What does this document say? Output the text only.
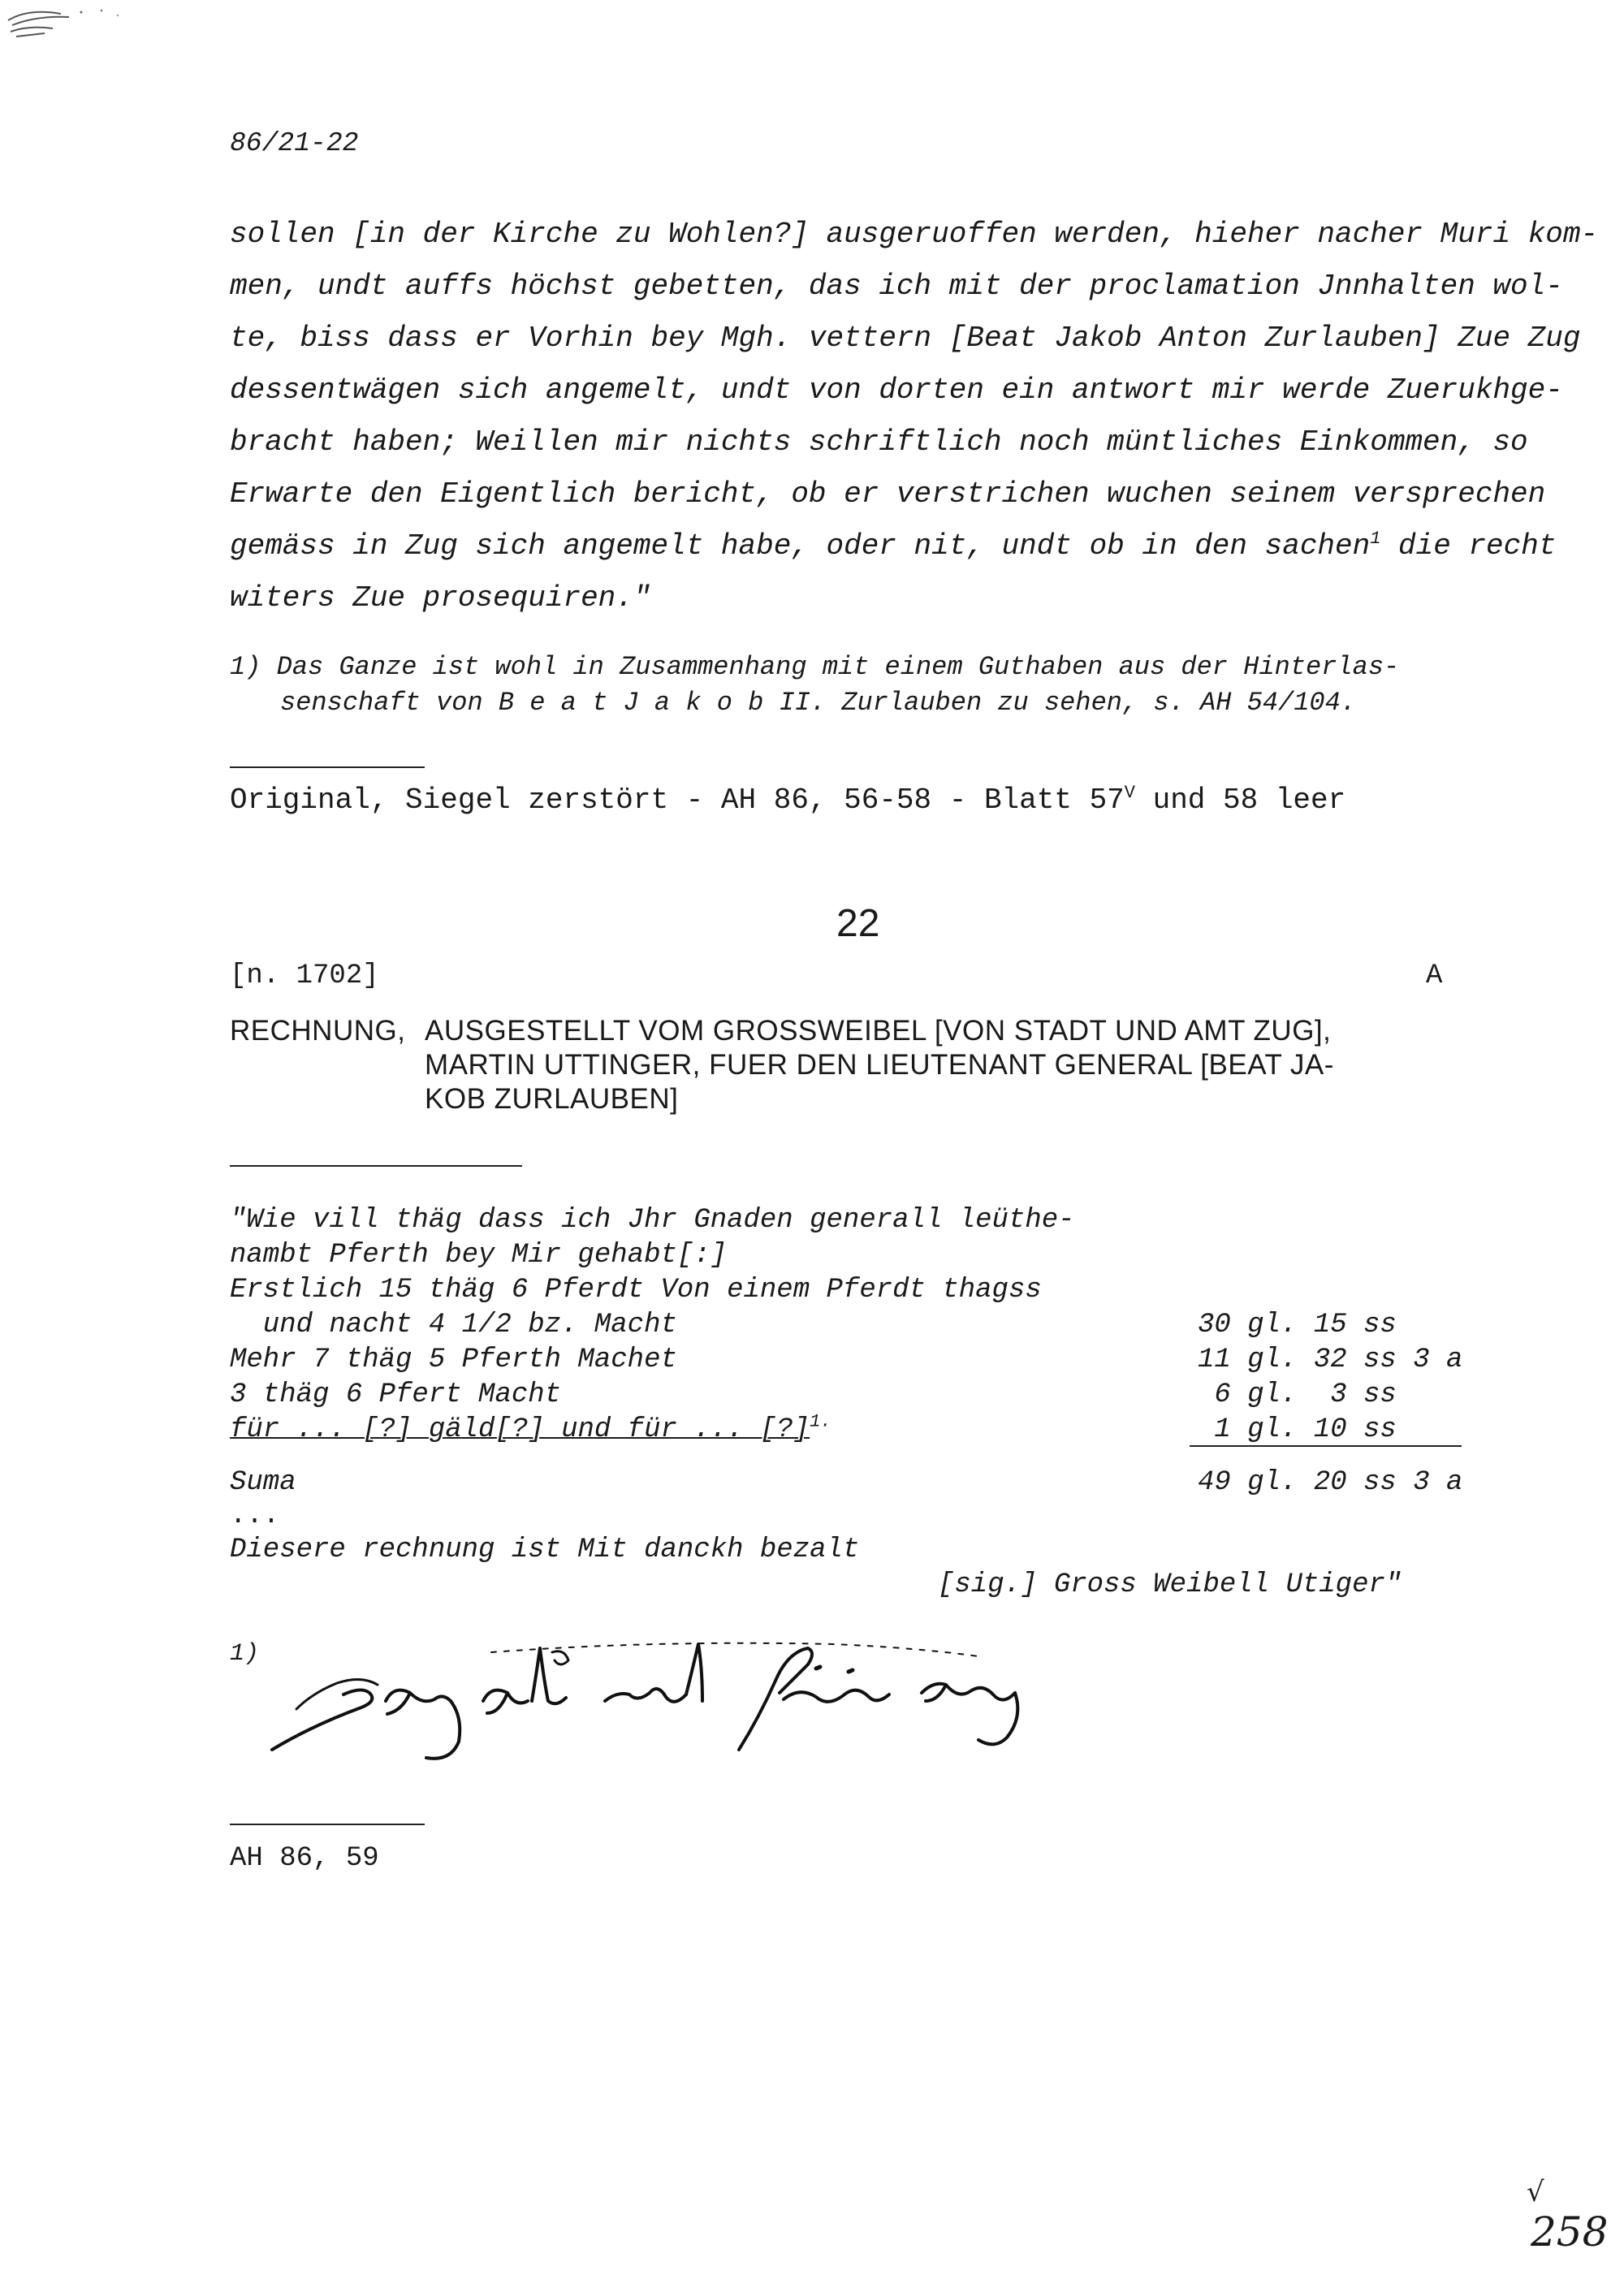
86/21-22
sollen [in der Kirche zu Wohlen?] ausgeruoffen werden, hieher nacher Muri kom-
men, undt auffs höchst gebetten, das ich mit der proclamation Jnnhalten wol-
te, biss dass er Vorhin bey Mgh. vettern [Beat Jakob Anton Zurlauben] Zue Zug
dessentwägen sich angemelt, undt von dorten ein antwort mir werde Zuerukhge-
bracht haben; Weillen mir nichts schriftlich noch müntliches Einkommen, so
Erwarte den Eigentlich bericht, ob er verstrichen wuchen seinem versprechen
gemäss in Zug sich angemelt habe, oder nit, undt ob in den sachen$^1$ die recht
witers Zue prosequiren."
1) Das Ganze ist wohl in Zusammenhang mit einem Guthaben aus der Hinterlas-
senschaft von B e a t J a k o b II. Zurlauben zu sehen, s. AH 54/104.
Original, Siegel zerstört - AH 86, 56-58 - Blatt $57^V$ und 58 leer
22
[n. 1702]	A
RECHNUNG, AUSGESTELLT VOM GROSSWEIBEL [VON STADT UND AMT ZUG],
MARTIN UTTINGER, FUER DEN LIEUTENANT GENERAL [BEAT JA-
KOB ZURLAUBEN]
"Wie vill thäg dass ich Jhr Gnaden generall leüthe-
nambt Pferth bey Mir gehabt[:]
Erstlich 15 thäg 6 Pferdt Von einem Pferdt thagss
und nacht 4 1/2 bz. Macht	30 gl. 15 ss
Mehr 7 thäg 5 Pferth Machet	11 gl. 32 ss 3 a
3 thäg 6 Pfert Macht	6 gl.  3 ss
für ... [?] gäld[?] und für ... [?]$^{1.}$	1 gl. 10 ss
Suma	49 gl. 20 ss 3 a
...
Diesere rechnung ist Mit danckh bezalt
[sig.] Gross Weibell Utiger"
1)
AH 86, 59
√
258
